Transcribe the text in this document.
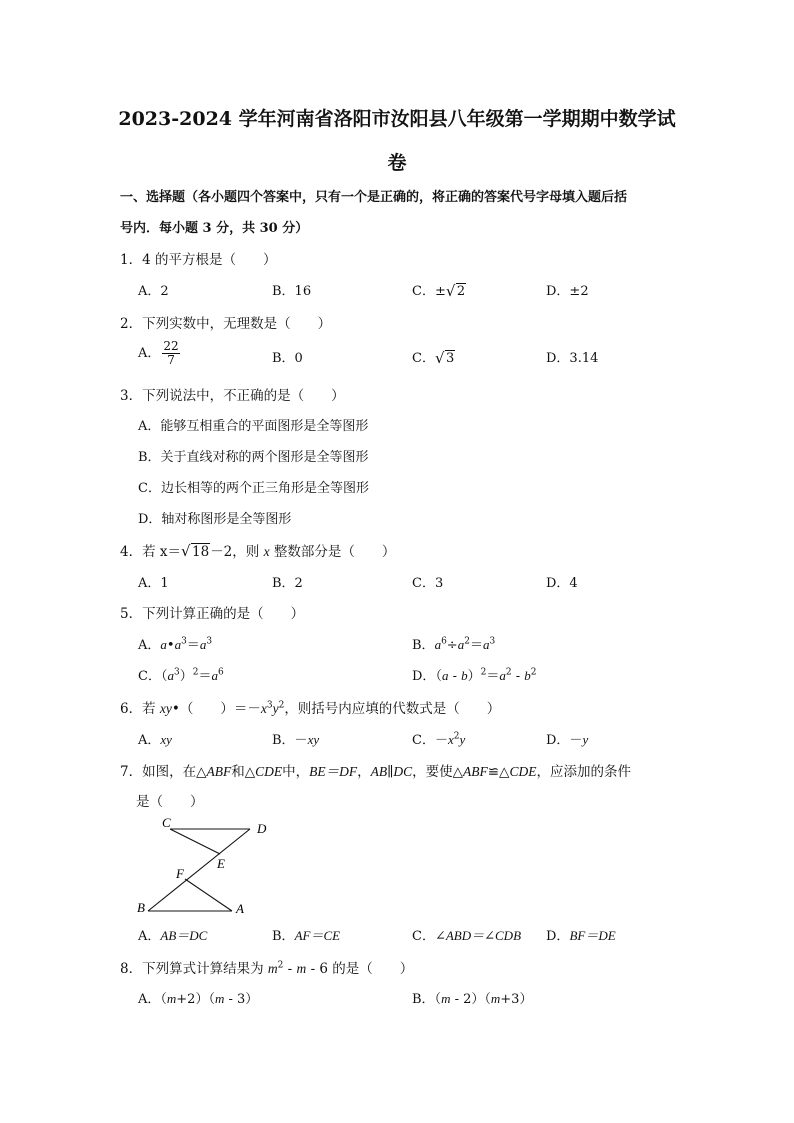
2023-2024 学年河南省洛阳市汝阳县八年级第一学期期中数学试
卷
一、选择题（各小题四个答案中，只有一个是正确的，将正确的答案代号字母填入题后括
号内．每小题 3 分，共 30 分）
1．4 的平方根是（　　）
A．2	B．16	C．± √ 2	D．±2
2．下列实数中，无理数是（　　）
A． $\frac{22}{7}$	B．0	C． √ 3	D．3.14
3．下列说法中，不正确的是（　　）
A．能够互相重合的平面图形是全等图形
B．关于直线对称的两个图形是全等图形
C．边长相等的两个正三角形是全等图形
D．轴对称图形是全等图形
4．若 x＝ √ 18－2，则 x 整数部分是（　　）
A．1	B．2	C．3	D．4
5．下列计算正确的是（　　）
A．$a•a^3=a^3$	B．$a^6\div a^2=a^3$
C．$(a^3)^2=a^6$	D．$(a - b)^2=a^2 - b^2$
6．若 xy•（　　）$=-x^3y^2$，则括号内应填的代数式是（　　）
A．xy	B．－xy	C．$-x^2y$	D．－y
7．如图，在△ABF和△CDE中，BE＝DF，AB∥DC，要使△ABF≌△CDE，应添加的条件
是（　　）
C	D
E
F
B	A
A．AB＝DC	B．AF＝CE	C．∠ABD＝∠CDB D．BF＝DE
8．下列算式计算结果为 $m^2$ - m - 6 的是（　　）
A．（m+2）（m - 3）	B．（m - 2）（m+3）
